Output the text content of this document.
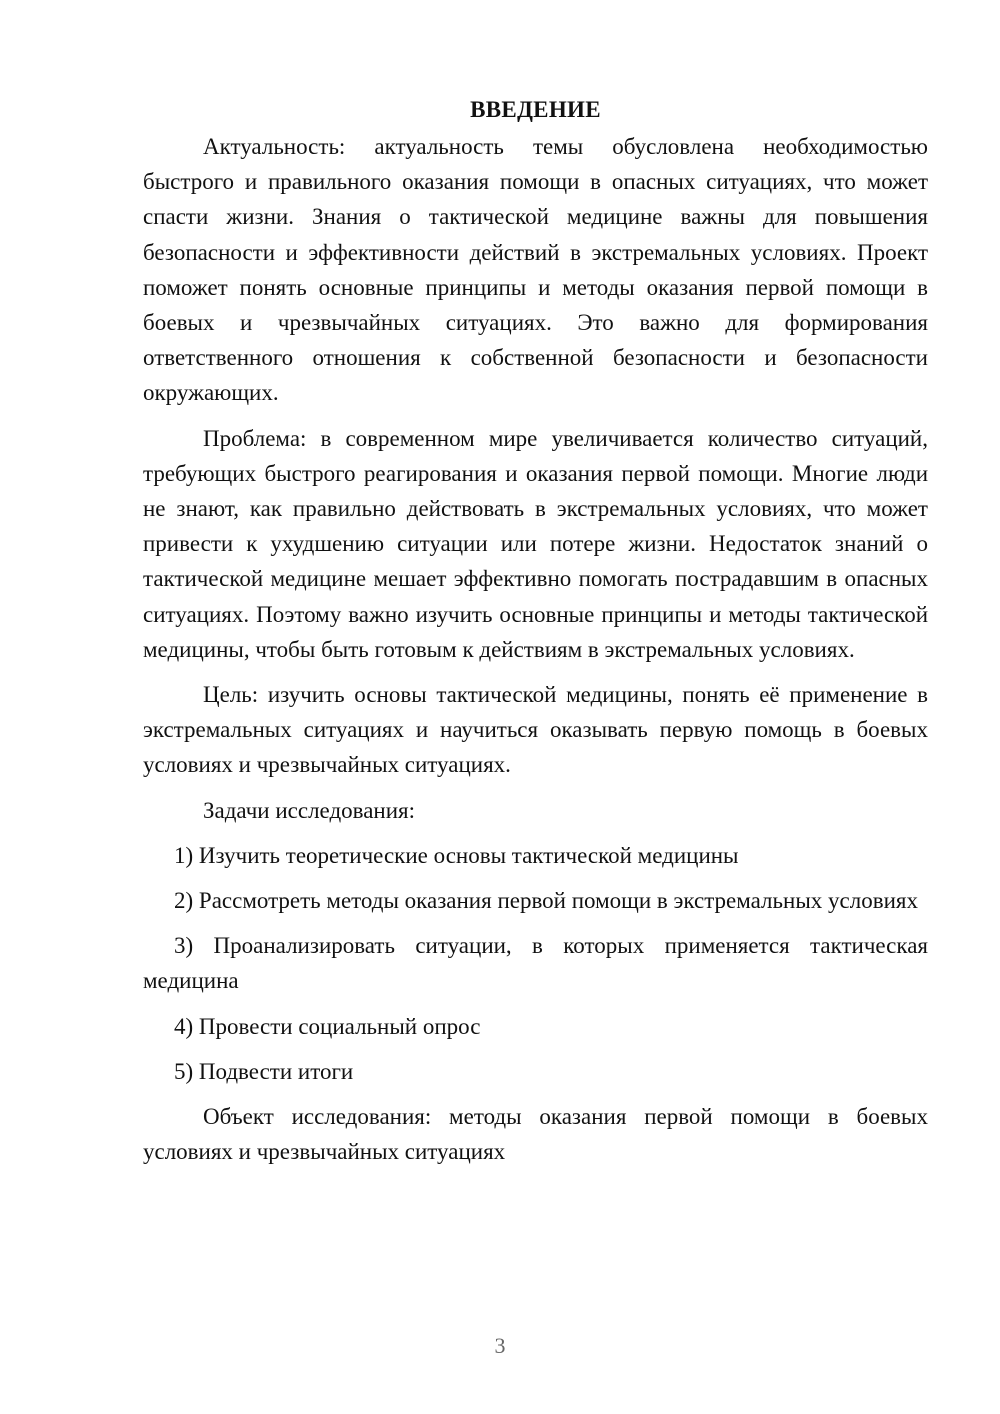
ВВЕДЕНИЕ

Актуальность: актуальность темы обусловлена необходимостью быстрого и правильного оказания помощи в опасных ситуациях, что может спасти жизни. Знания о тактической медицине важны для повышения безопасности и эффективности действий в экстремальных условиях. Проект поможет понять основные принципы и методы оказания первой помощи в боевых и чрезвычайных ситуациях. Это важно для формирования ответственного отношения к собственной безопасности и безопасности окружающих.

Проблема: в современном мире увеличивается количество ситуаций, требующих быстрого реагирования и оказания первой помощи. Многие люди не знают, как правильно действовать в экстремальных условиях, что может привести к ухудшению ситуации или потере жизни. Недостаток знаний о тактической медицине мешает эффективно помогать пострадавшим в опасных ситуациях. Поэтому важно изучить основные принципы и методы тактической медицины, чтобы быть готовым к действиям в экстремальных условиях.

Цель: изучить основы тактической медицины, понять её применение в экстремальных ситуациях и научиться оказывать первую помощь в боевых условиях и чрезвычайных ситуациях.

Задачи исследования:

1) Изучить теоретические основы тактической медицины

2) Рассмотреть методы оказания первой помощи в экстремальных условиях

3) Проанализировать ситуации, в которых применяется тактическая медицина

4) Провести социальный опрос

5) Подвести итоги

Объект исследования: методы оказания первой помощи в боевых условиях и чрезвычайных ситуациях

3
